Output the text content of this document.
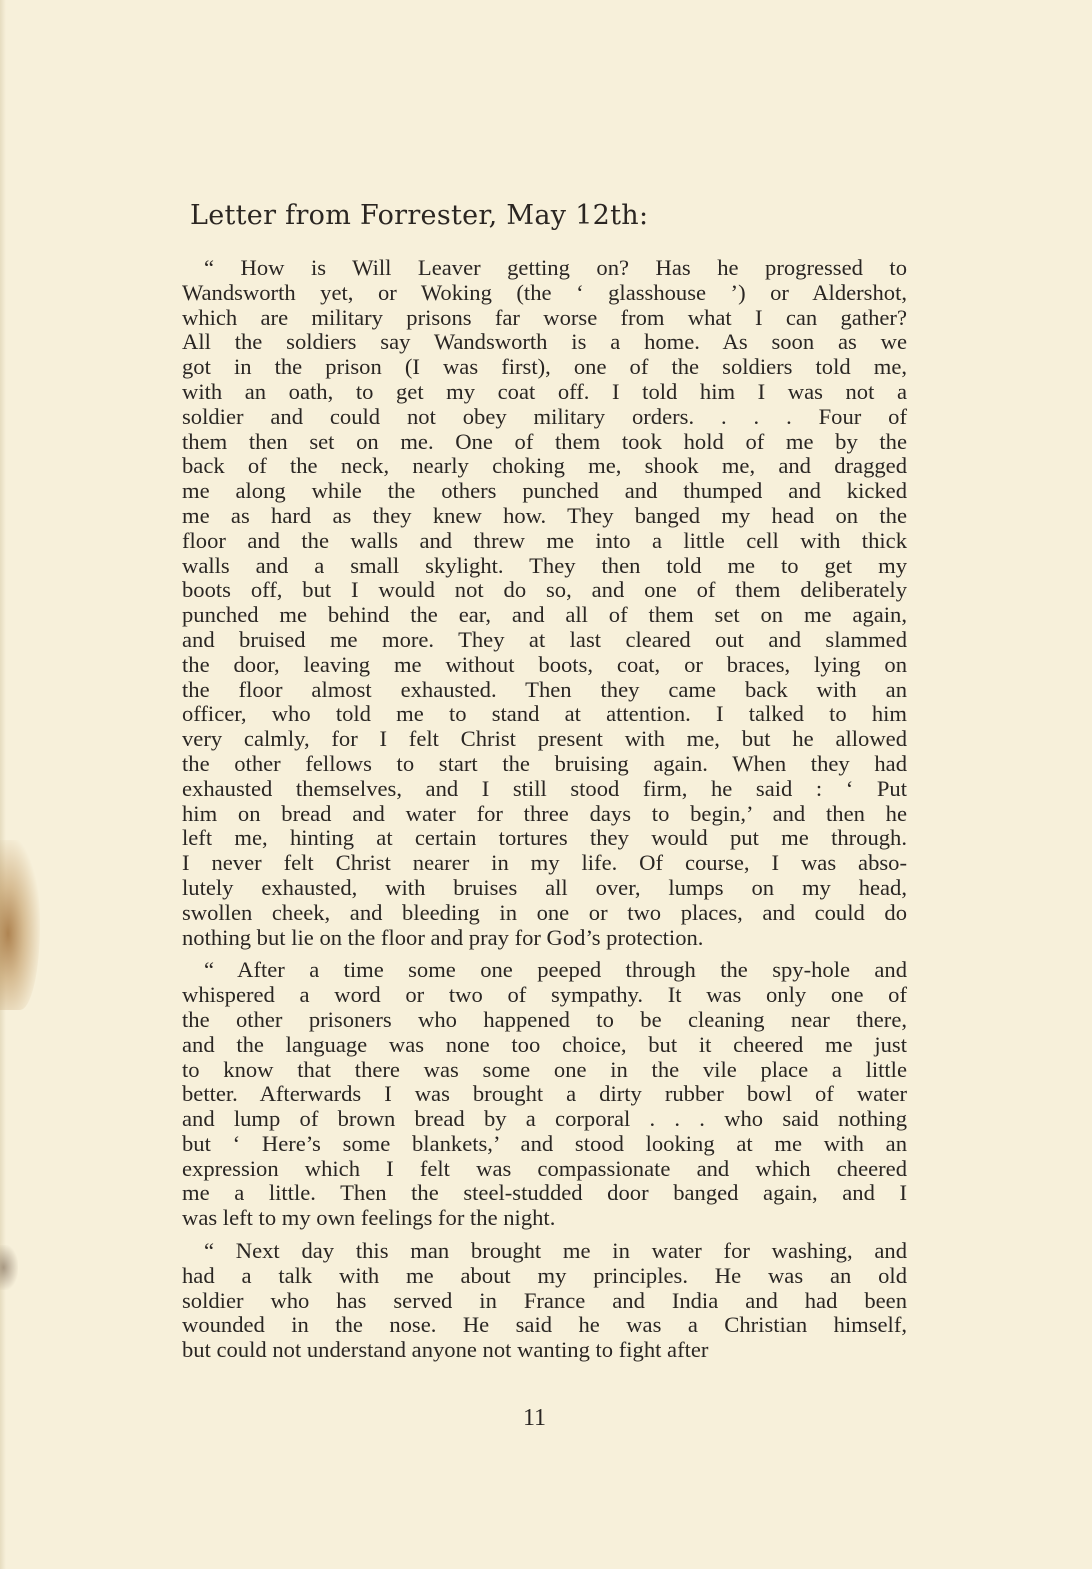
Letter from Forrester, May 12th:
“ How is Will Leaver getting on? Has he progressed to
Wandsworth yet, or Woking (the ‘ glasshouse ’) or Aldershot,
which are military prisons far worse from what I can gather?
All the soldiers say Wandsworth is a home. As soon as we
got in the prison (I was first), one of the soldiers told me,
with an oath, to get my coat off. I told him I was not a
soldier and could not obey military orders. . . . Four of
them then set on me. One of them took hold of me by the
back of the neck, nearly choking me, shook me, and dragged
me along while the others punched and thumped and kicked
me as hard as they knew how. They banged my head on the
floor and the walls and threw me into a little cell with thick
walls and a small skylight. They then told me to get my
boots off, but I would not do so, and one of them deliberately
punched me behind the ear, and all of them set on me again,
and bruised me more. They at last cleared out and slammed
the door, leaving me without boots, coat, or braces, lying on
the floor almost exhausted. Then they came back with an
officer, who told me to stand at attention. I talked to him
very calmly, for I felt Christ present with me, but he allowed
the other fellows to start the bruising again. When they had
exhausted themselves, and I still stood firm, he said : ‘ Put
him on bread and water for three days to begin,’ and then he
left me, hinting at certain tortures they would put me through.
I never felt Christ nearer in my life. Of course, I was abso-
lutely exhausted, with bruises all over, lumps on my head,
swollen cheek, and bleeding in one or two places, and could do
nothing but lie on the floor and pray for God’s protection.
“ After a time some one peeped through the spy-hole and
whispered a word or two of sympathy. It was only one of
the other prisoners who happened to be cleaning near there,
and the language was none too choice, but it cheered me just
to know that there was some one in the vile place a little
better. Afterwards I was brought a dirty rubber bowl of water
and lump of brown bread by a corporal . . . who said nothing
but ‘ Here’s some blankets,’ and stood looking at me with an
expression which I felt was compassionate and which cheered
me a little. Then the steel-studded door banged again, and I
was left to my own feelings for the night.
“ Next day this man brought me in water for washing, and
had a talk with me about my principles. He was an old
soldier who has served in France and India and had been
wounded in the nose. He said he was a Christian himself,
but could not understand anyone not wanting to fight after
11
